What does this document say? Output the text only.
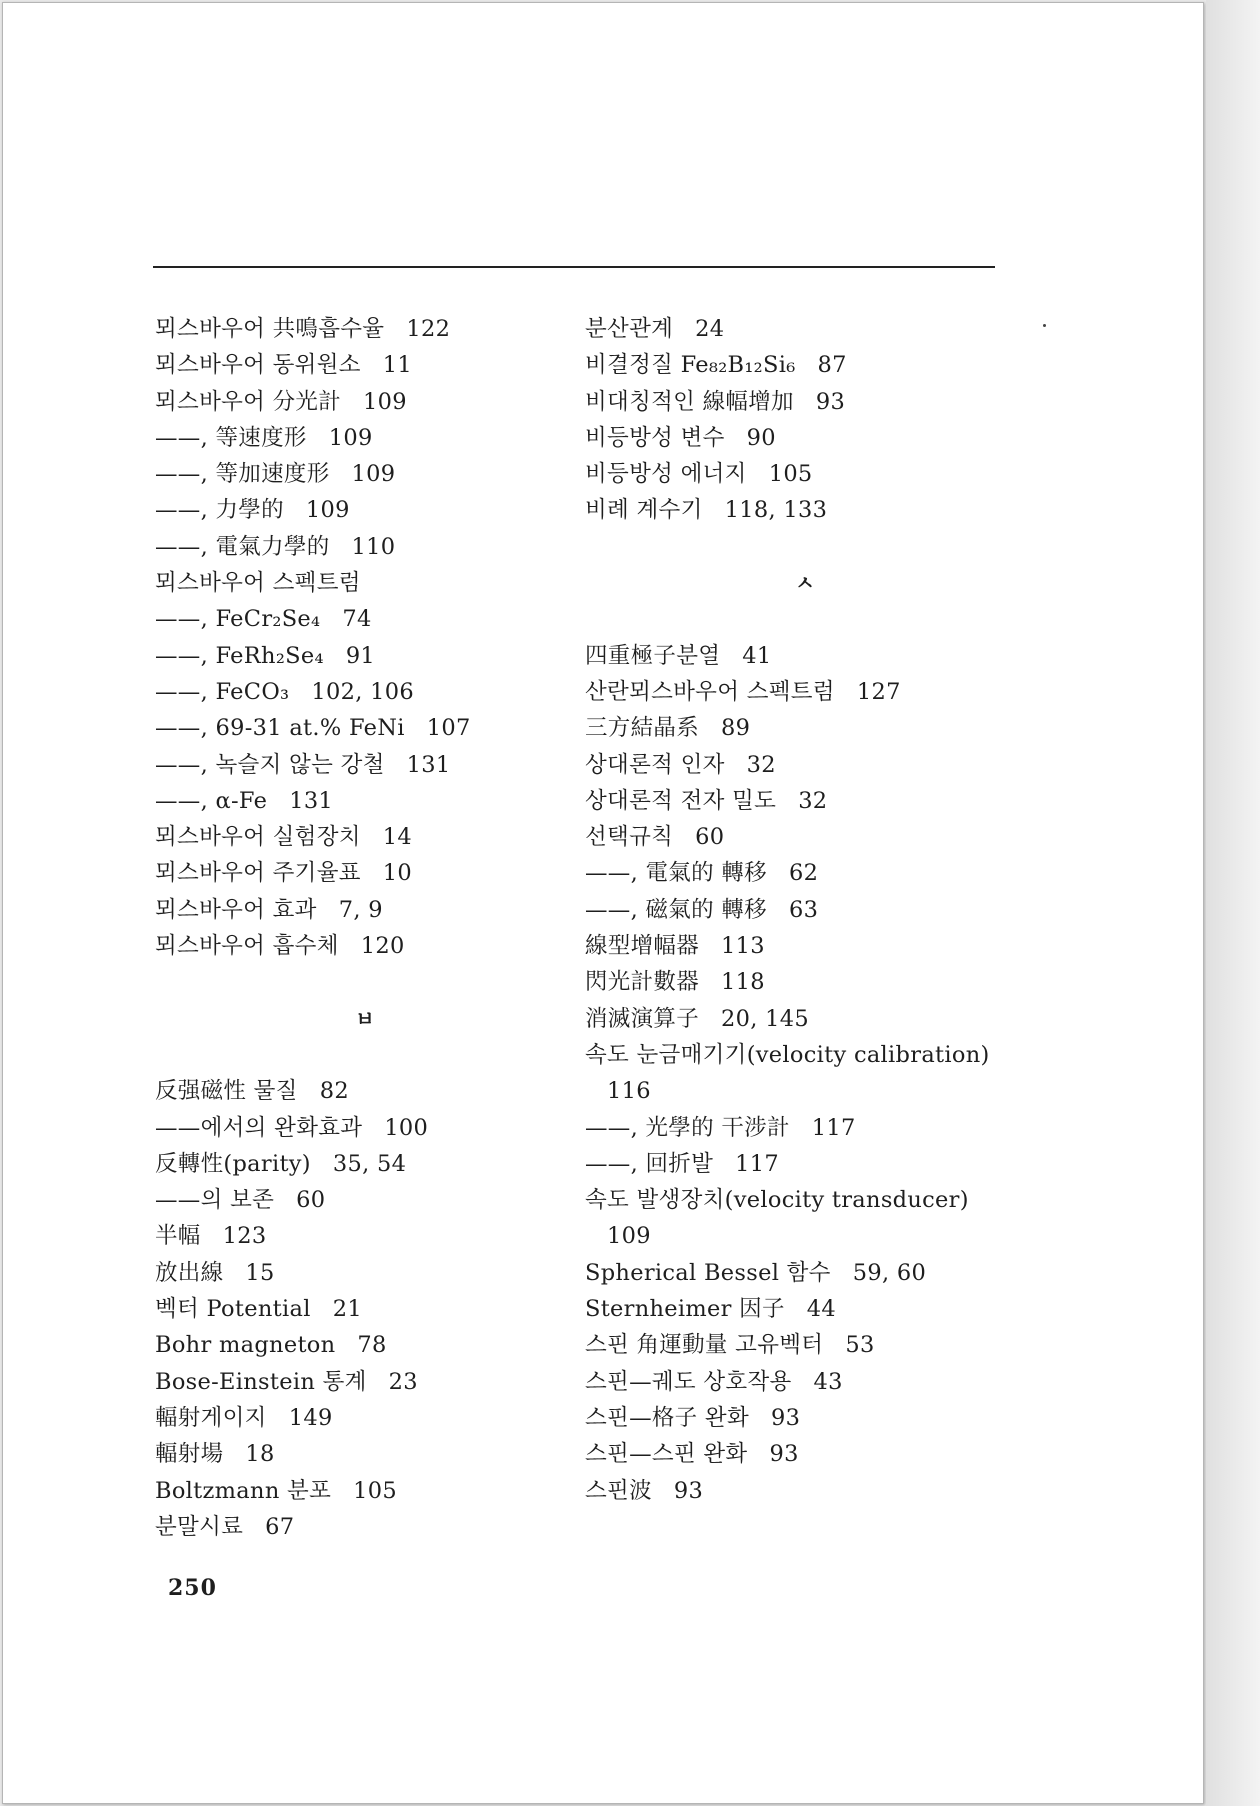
뫼스바우어 共鳴흡수율 122
뫼스바우어 동위원소 11
뫼스바우어 分光計 109
——, 等速度形 109
——, 等加速度形 109
——, 力學的 109
——, 電氣力學的 110
뫼스바우어 스펙트럼
——, FeCr₂Se₄ 74
——, FeRh₂Se₄ 91
——, FeCO₃ 102, 106
——, 69-31 at.% FeNi 107
——, 녹슬지 않는 강철 131
——, α-Fe 131
뫼스바우어 실험장치 14
뫼스바우어 주기율표 10
뫼스바우어 효과 7, 9
뫼스바우어 흡수체 120
ㅂ
反强磁性 물질 82
——에서의 완화효과 100
反轉性(parity) 35, 54
——의 보존 60
半幅 123
放出線 15
벡터 Potential 21
Bohr magneton 78
Bose-Einstein 통계 23
輻射게이지 149
輻射場 18
Boltzmann 분포 105
분말시료 67
분산관계 24
비결정질 Fe₈₂B₁₂Si₆ 87
비대칭적인 線幅增加 93
비등방성 변수 90
비등방성 에너지 105
비례 계수기 118, 133
ㅅ
四重極子분열 41
산란뫼스바우어 스펙트럼 127
三方結晶系 89
상대론적 인자 32
상대론적 전자 밀도 32
선택규칙 60
——, 電氣的 轉移 62
——, 磁氣的 轉移 63
線型增幅器 113
閃光計數器 118
消滅演算子 20, 145
속도 눈금매기기(velocity calibration)
116
——, 光學的 干涉計 117
——, 回折발 117
속도 발생장치(velocity transducer)
109
Spherical Bessel 함수 59, 60
Sternheimer 因子 44
스핀 角運動量 고유벡터 53
스핀—궤도 상호작용 43
스핀—格子 완화 93
스핀—스핀 완화 93
스핀波 93
250
